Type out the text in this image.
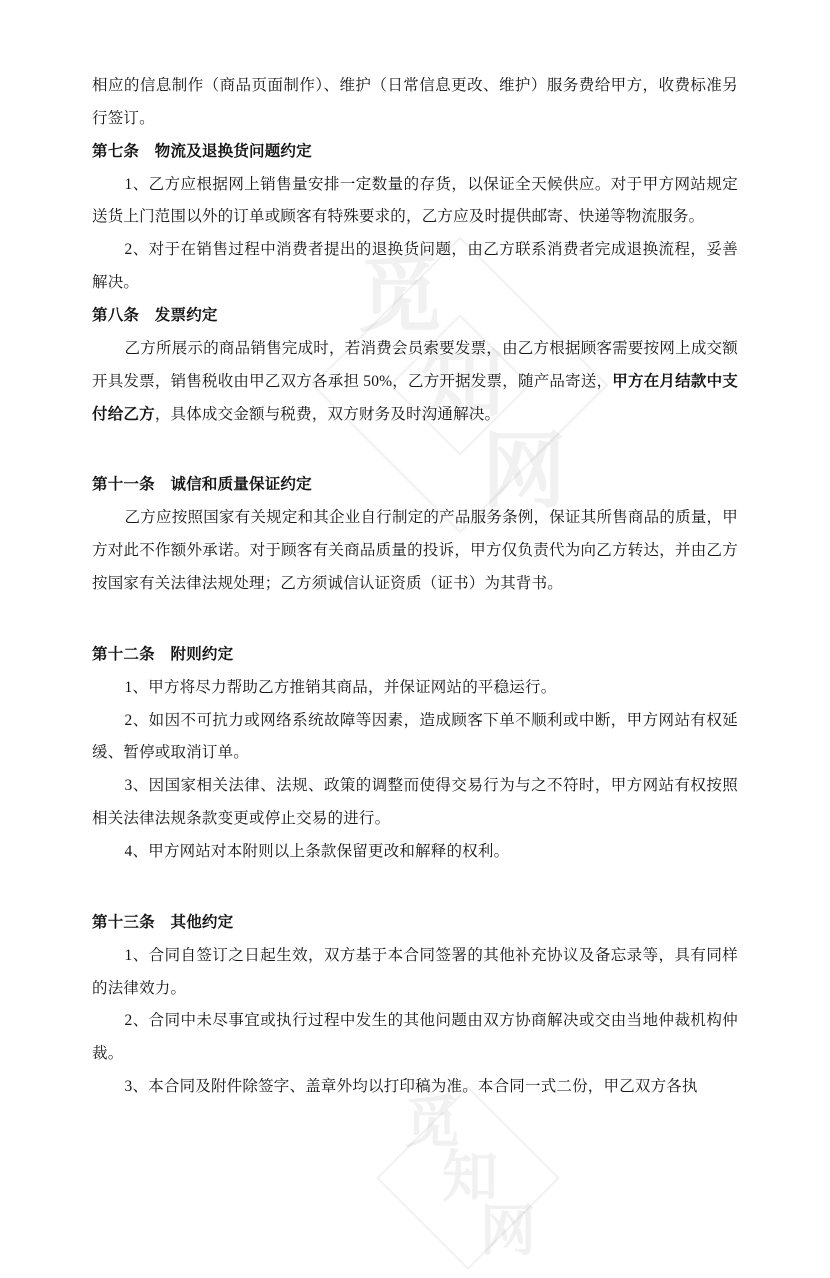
觅
知
网
觅
知
网

相应的信息制作（商品页面制作）、维护（日常信息更改、维护）服务费给甲方，收费标准另行签订。

第七条　物流及退换货问题约定

1、乙方应根据网上销售量安排一定数量的存货，以保证全天候供应。对于甲方网站规定送货上门范围以外的订单或顾客有特殊要求的，乙方应及时提供邮寄、快递等物流服务。

2、对于在销售过程中消费者提出的退换货问题，由乙方联系消费者完成退换流程，妥善解决。

第八条　发票约定

乙方所展示的商品销售完成时，若消费会员索要发票，由乙方根据顾客需要按网上成交额开具发票，销售税收由甲乙双方各承担 50%，乙方开据发票，随产品寄送，甲方在月结款中支付给乙方，具体成交金额与税费，双方财务及时沟通解决。

第十一条　诚信和质量保证约定

乙方应按照国家有关规定和其企业自行制定的产品服务条例，保证其所售商品的质量，甲方对此不作额外承诺。对于顾客有关商品质量的投诉，甲方仅负责代为向乙方转达，并由乙方按国家有关法律法规处理；乙方须诚信认证资质（证书）为其背书。

第十二条　附则约定

1、甲方将尽力帮助乙方推销其商品，并保证网站的平稳运行。

2、如因不可抗力或网络系统故障等因素，造成顾客下单不顺利或中断，甲方网站有权延缓、暂停或取消订单。

3、因国家相关法律、法规、政策的调整而使得交易行为与之不符时，甲方网站有权按照相关法律法规条款变更或停止交易的进行。

4、甲方网站对本附则以上条款保留更改和解释的权利。

第十三条　其他约定

1、合同自签订之日起生效，双方基于本合同签署的其他补充协议及备忘录等，具有同样的法律效力。

2、合同中未尽事宜或执行过程中发生的其他问题由双方协商解决或交由当地仲裁机构仲裁。

3、本合同及附件除签字、盖章外均以打印稿为准。本合同一式二份，甲乙双方各执
